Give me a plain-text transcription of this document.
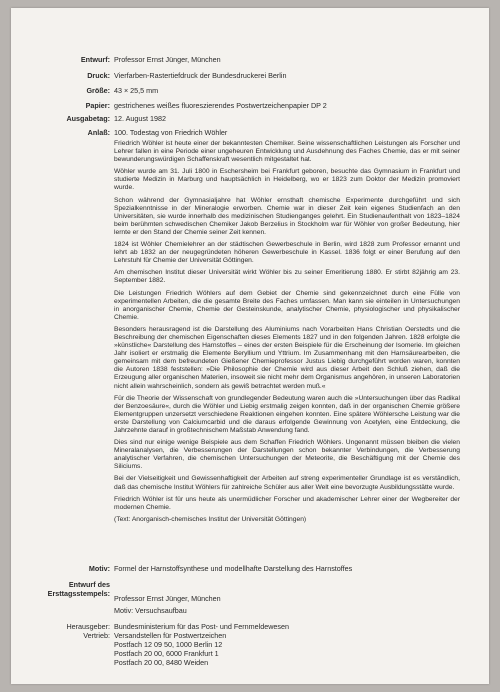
Entwurf: Professor Ernst Jünger, München
Druck: Vierfarben-Rastertiefdruck der Bundesdruckerei Berlin
Größe: 43 × 25,5 mm
Papier: gestrichenes weißes fluoreszierendes Postwertzeichenpapier DP 2
Ausgabetag: 12. August 1982
Anlaß: 100. Todestag von Friedrich Wöhler

Friedrich Wöhler ist heute einer der bekanntesten Chemiker. Seine wissenschaftlichen Leistungen als Forscher und Lehrer fallen in eine Periode einer ungeheuren Entwicklung und Ausdehnung des Faches Chemie, das er mit seiner bewunderungswürdigen Schaffenskraft wesentlich mitgestaltet hat.

Wöhler wurde am 31. Juli 1800 in Eschersheim bei Frankfurt geboren, besuchte das Gymnasium in Frankfurt und studierte Medizin in Marburg und hauptsächlich in Heidelberg, wo er 1823 zum Doktor der Medizin promoviert wurde.

Schon während der Gymnasialjahre hat Wöhler ernsthaft chemische Experimente durchgeführt und sich Spezialkenntnisse in der Mineralogie erworben. Chemie war in dieser Zeit kein eigenes Studienfach an den Universitäten, sie wurde innerhalb des medizinischen Studienganges gelehrt. Ein Studienaufenthalt von 1823–1824 beim berühmten schwedischen Chemiker Jakob Berzelius in Stockholm war für Wöhler von großer Bedeutung, hier lernte er den Stand der Chemie seiner Zeit kennen.

1824 ist Wöhler Chemielehrer an der städtischen Gewerbeschule in Berlin, wird 1828 zum Professor ernannt und lehrt ab 1832 an der neugegründeten höheren Gewerbeschule in Kassel. 1836 folgt er einer Berufung auf den Lehrstuhl für Chemie der Universität Göttingen.

Am chemischen Institut dieser Universität wirkt Wöhler bis zu seiner Emeritierung 1880. Er stirbt 82jährig am 23. September 1882.

Die Leistungen Friedrich Wöhlers auf dem Gebiet der Chemie sind gekennzeichnet durch eine Fülle von experimentellen Arbeiten, die die gesamte Breite des Faches umfassen. Man kann sie einteilen in Untersuchungen in anorganischer Chemie, Chemie der Gesteinskunde, analytischer Chemie, physiologischer und physikalischer Chemie.

Besonders herausragend ist die Darstellung des Aluminiums nach Vorarbeiten Hans Christian Oerstedts und die Beschreibung der chemischen Eigenschaften dieses Elements 1827 und in den folgenden Jahren. 1828 erfolgte die »künstliche« Darstellung des Harnstoffes – eines der ersten Beispiele für die Erscheinung der Isomerie. Im gleichen Jahr isoliert er erstmalig die Elemente Beryllium und Yttrium. Im Zusammenhang mit den Harnsäurearbeiten, die gemeinsam mit dem befreundeten Gießener Chemieprofessor Justus Liebig durchgeführt worden waren, konnten die Autoren 1838 feststellen: »Die Philosophie der Chemie wird aus dieser Arbeit den Schluß ziehen, daß die Erzeugung aller organischen Materien, insoweit sie nicht mehr dem Organismus angehören, in unseren Laboratorien nicht allein wahrscheinlich, sondern als gewiß betrachtet werden muß.«

Für die Theorie der Wissenschaft von grundlegender Bedeutung waren auch die »Untersuchungen über das Radikal der Benzoesäure«, durch die Wöhler und Liebig erstmalig zeigen konnten, daß in der organischen Chemie größere Elementgruppen unzersetzt verschiedene Reaktionen eingehen konnten. Eine spätere Wöhlersche Leistung war die erste Darstellung von Calciumcarbid und die daraus erfolgende Gewinnung von Acetylen, eine Entdeckung, die Jahrzehnte darauf in großtechnischem Maßstab Anwendung fand.

Dies sind nur einige wenige Beispiele aus dem Schaffen Friedrich Wöhlers. Ungenannt müssen bleiben die vielen Mineralanalysen, die Verbesserungen der Darstellungen schon bekannter Verbindungen, die Verbesserung analytischer Verfahren, die chemischen Untersuchungen der Meteorite, die Beschäftigung mit der Chemie des Siliciums.

Bei der Vielseitigkeit und Gewissenhaftigkeit der Arbeiten auf streng experimenteller Grundlage ist es verständlich, daß das chemische Institut Wöhlers für zahlreiche Schüler aus aller Welt eine bevorzugte Ausbildungsstätte wurde.

Friedrich Wöhler ist für uns heute als unermüdlicher Forscher und akademischer Lehrer einer der Wegbereiter der modernen Chemie.

(Text: Anorganisch-chemisches Institut der Universität Göttingen)

Motiv: Formel der Harnstoffsynthese und modellhafte Darstellung des Harnstoffes
Entwurf des
Ersttagsstempels:
Professor Ernst Jünger, München
Motiv: Versuchsaufbau
Herausgeber:
Vertrieb:
Bundesministerium für das Post- und Fernmeldewesen
Versandstellen für Postwertzeichen
Postfach 12 09 50, 1000 Berlin 12
Postfach 20 00, 6000 Frankfurt 1
Postfach 20 00, 8480 Weiden
